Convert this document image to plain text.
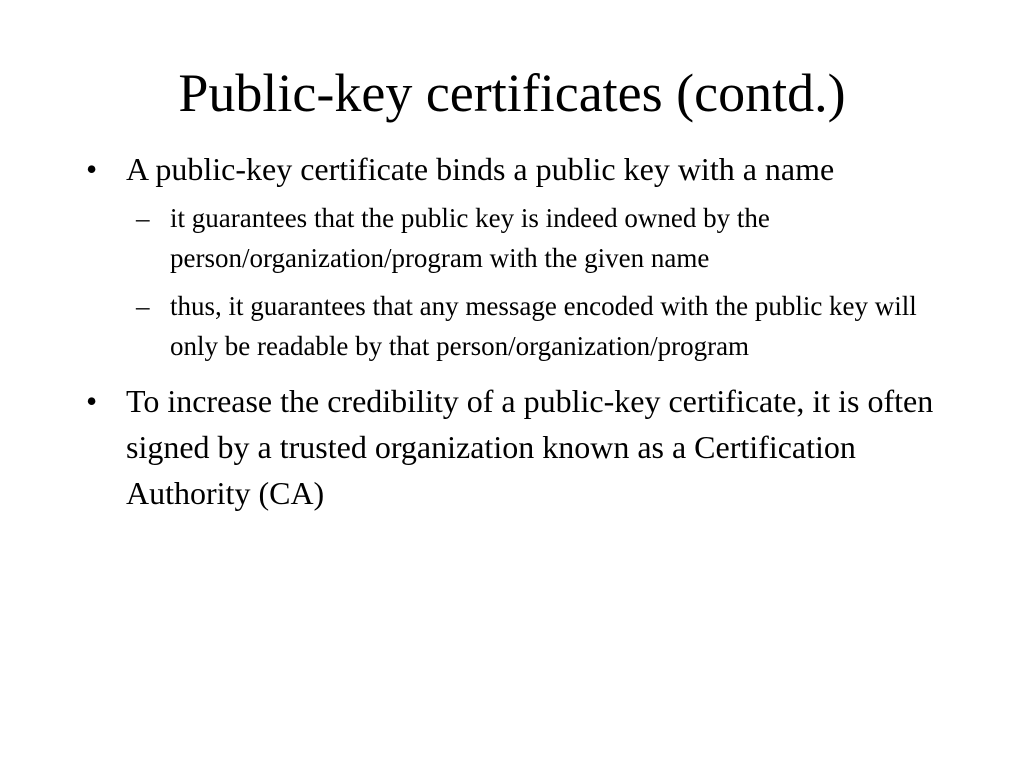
Public-key certificates (contd.)
• A public-key certificate binds a public key with a name
– it guarantees that the public key is indeed owned by the person/organization/program with the given name
– thus, it guarantees that any message encoded with the public key will only be readable by that person/organization/program
• To increase the credibility of a public-key certificate, it is often signed by a trusted organization known as a Certification Authority (CA)
